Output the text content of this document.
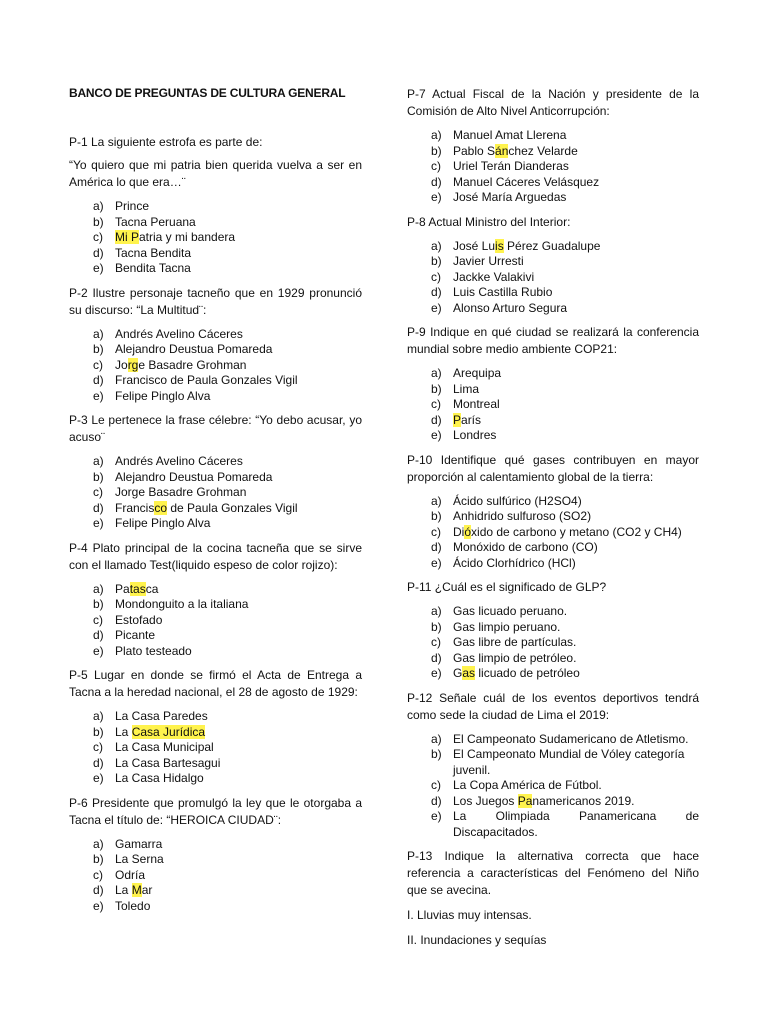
BANCO DE PREGUNTAS DE CULTURA GENERAL
P-1 La siguiente estrofa es parte de:
“Yo quiero que mi patria bien querida vuelva a ser en América lo que era…¨
a) Prince
b) Tacna Peruana
c)	Mi Patria y mi bandera
d) Tacna Bendita
e) Bendita Tacna
P-2 Ilustre personaje tacneño que en 1929 pronunció su discurso: “La Multitud¨:
a) Andrés Avelino Cáceres
b) Alejandro Deustua Pomareda
c)	Jorge Basadre Grohman
d) Francisco de Paula Gonzales Vigil
e) Felipe Pinglo Alva
P-3 Le pertenece la frase célebre: “Yo debo acusar, yo acuso¨
a) Andrés Avelino Cáceres
b) Alejandro Deustua Pomareda
c)	Jorge Basadre Grohman
d) Francisco de Paula Gonzales Vigil
e) Felipe Pinglo Alva
P-4 Plato principal de la cocina tacneña que se sirve con el llamado Test(liquido espeso de color rojizo):
a) Patasca
b) Mondonguito a la italiana
c)	Estofado
d) Picante
e) Plato testeado
P-5 Lugar en donde se firmó el Acta de Entrega a Tacna a la heredad nacional, el 28 de agosto de 1929:
a) La Casa Paredes
b) La Casa Jurídica
c)	La Casa Municipal
d) La Casa Bartesagui
e) La Casa Hidalgo
P-6 Presidente que promulgó la ley que le otorgaba a Tacna el título de: “HEROICA CIUDAD¨:
a) Gamarra
b) La Serna
c)	Odría
d) La Mar
e) Toledo
P-7 Actual Fiscal de la Nación y presidente de la Comisión de Alto Nivel Anticorrupción:
a) Manuel Amat Llerena
b) Pablo Sánchez Velarde
c)	Uriel Terán Dianderas
d) Manuel Cáceres Velásquez
e) José María Arguedas
P-8 Actual Ministro del Interior:
a) José Luis Pérez Guadalupe
b) Javier Urresti
c)	Jackke Valakivi
d) Luis Castilla Rubio
e) Alonso Arturo Segura
P-9 Indique en qué ciudad se realizará la conferencia mundial sobre medio ambiente COP21:
a) Arequipa
b) Lima
c)	Montreal
d) París
e) Londres
P-10 Identifique qué gases contribuyen en mayor proporción al calentamiento global de la tierra:
a) Ácido sulfúrico (H2SO4)
b) Anhidrido sulfuroso (SO2)
c)	Dióxido de carbono y metano (CO2 y CH4)
d) Monóxido de carbono (CO)
e) Ácido Clorhídrico (HCl)
P-11 ¿Cuál es el significado de GLP?
a) Gas licuado peruano.
b) Gas limpio peruano.
c)	Gas libre de partículas.
d) Gas limpio de petróleo.
e) Gas licuado de petróleo
P-12 Señale cuál de los eventos deportivos tendrá como sede la ciudad de Lima el 2019:
a) El Campeonato Sudamericano de Atletismo.
b) El Campeonato Mundial de Vóley categoría juvenil.
c)	La Copa América de Fútbol.
d) Los Juegos Panamericanos 2019.
e) La Olimpiada Panamericana de Discapacitados.
P-13 Indique la alternativa correcta que hace referencia a características del Fenómeno del Niño que se avecina.
I. Lluvias muy intensas.
II. Inundaciones y sequías
